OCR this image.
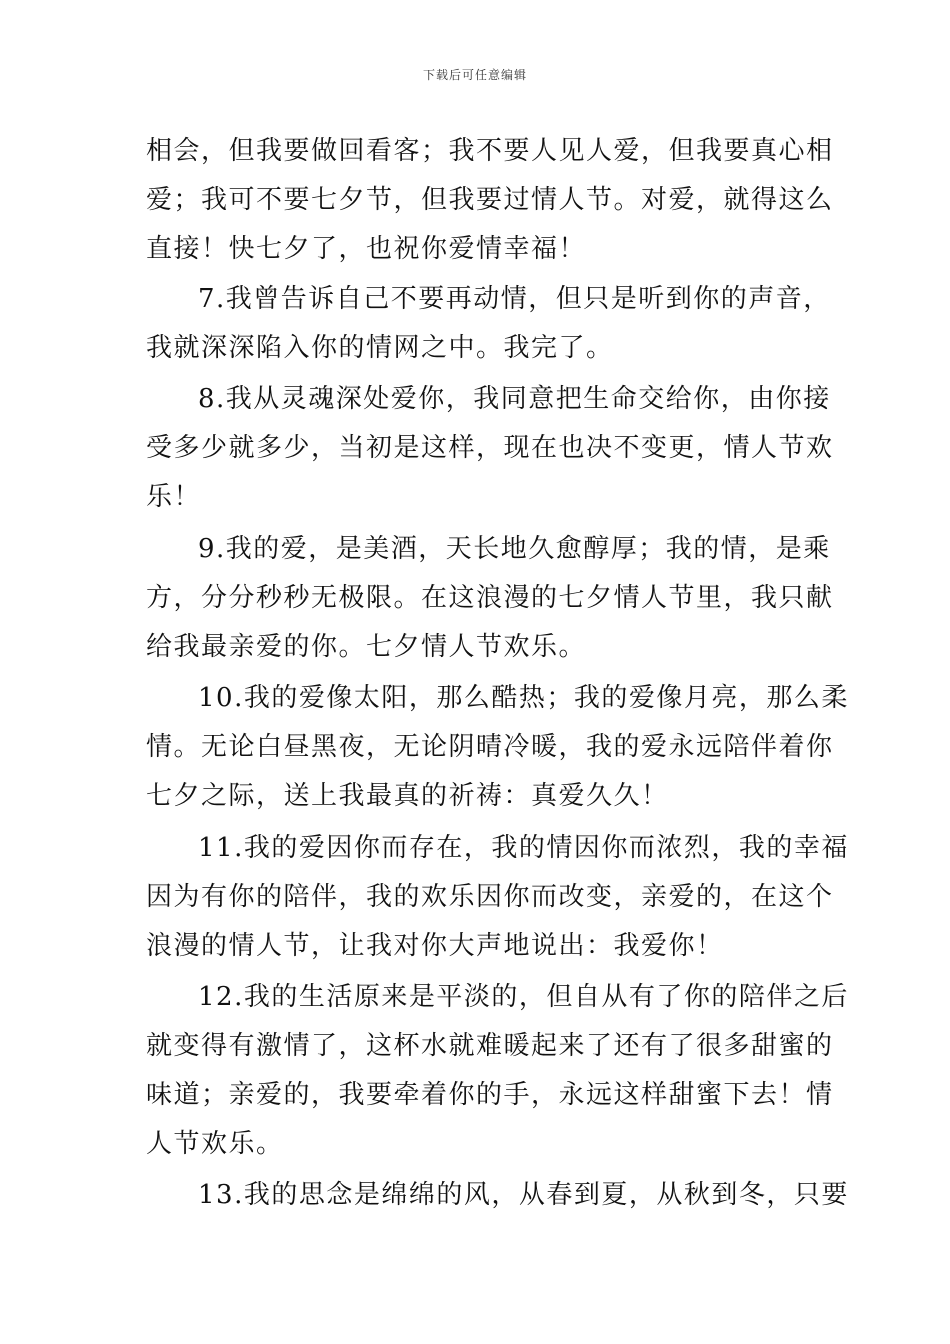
下载后可任意编辑
相会，但我要做回看客；我不要人见人爱，但我要真心相
爱；我可不要七夕节，但我要过情人节。对爱，就得这么
直接！快七夕了，也祝你爱情幸福！
7.我曾告诉自己不要再动情，但只是听到你的声音，
我就深深陷入你的情网之中。我完了。
8.我从灵魂深处爱你，我同意把生命交给你，由你接
受多少就多少，当初是这样，现在也决不变更，情人节欢
乐！
9.我的爱，是美酒，天长地久愈醇厚；我的情，是乘
方，分分秒秒无极限。在这浪漫的七夕情人节里，我只献
给我最亲爱的你。七夕情人节欢乐。
10.我的爱像太阳，那么酷热；我的爱像月亮，那么柔
情。无论白昼黑夜，无论阴晴冷暖，我的爱永远陪伴着你
七夕之际，送上我最真的祈祷：真爱久久！
11.我的爱因你而存在，我的情因你而浓烈，我的幸福
因为有你的陪伴，我的欢乐因你而改变，亲爱的，在这个
浪漫的情人节，让我对你大声地说出：我爱你！
12.我的生活原来是平淡的，但自从有了你的陪伴之后
就变得有激情了，这杯水就难暖起来了还有了很多甜蜜的
味道；亲爱的，我要牵着你的手，永远这样甜蜜下去！情
人节欢乐。
13.我的思念是绵绵的风，从春到夏，从秋到冬，只要
